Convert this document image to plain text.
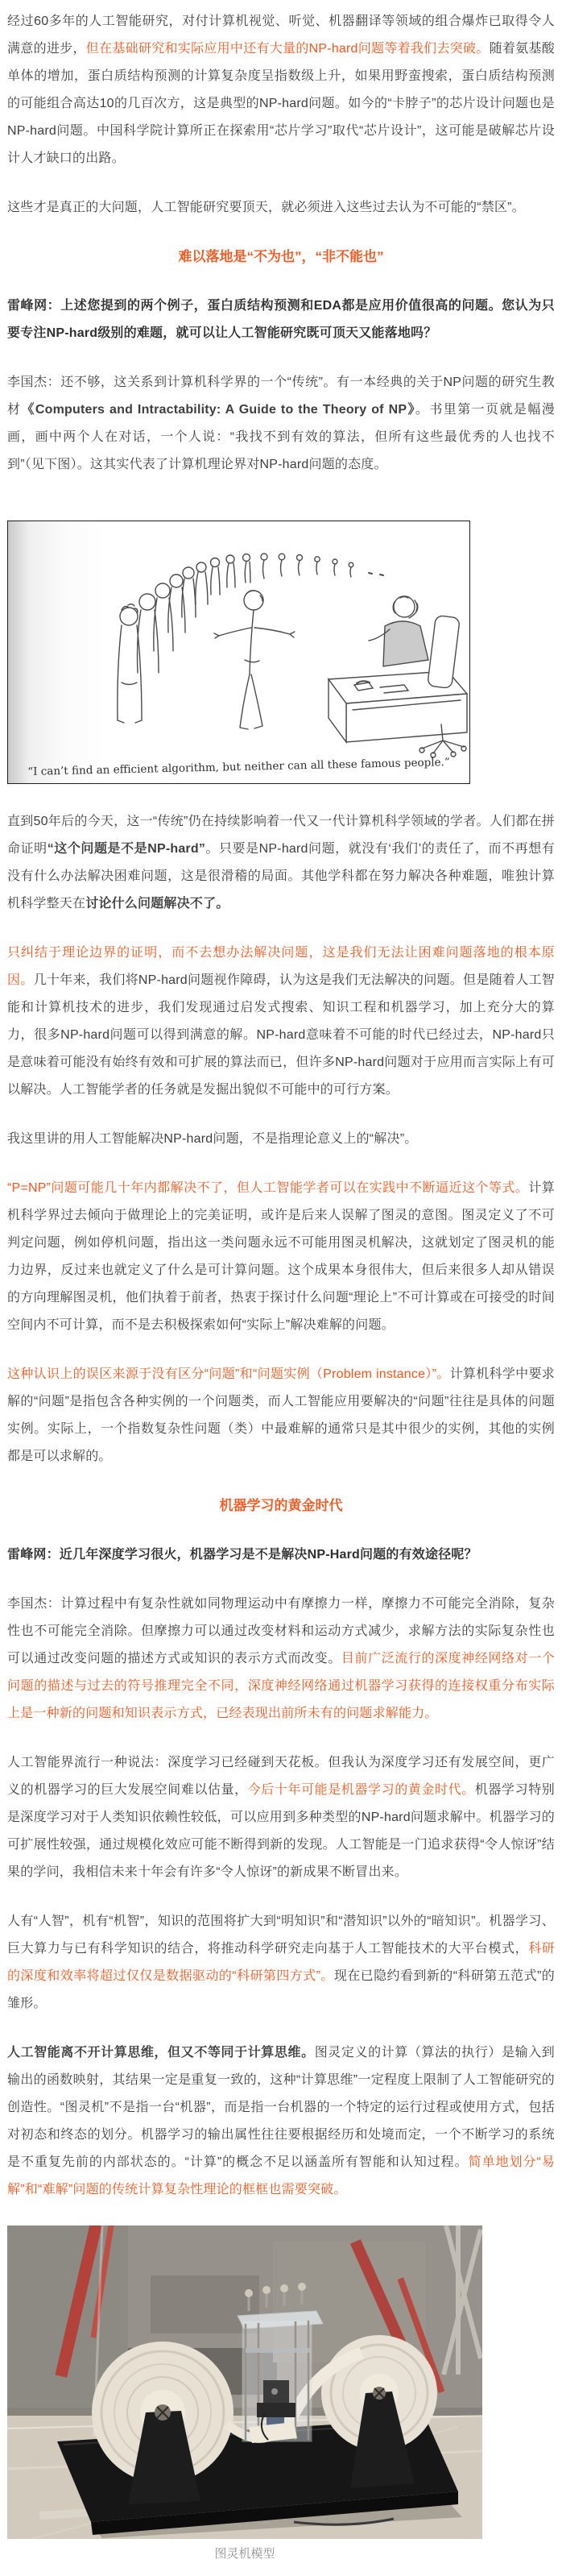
经过60多年的人工智能研究，对付计算机视觉、听觉、机器翻译等领域的组合爆炸已取得令人满意的进步，但在基础研究和实际应用中还有大量的NP-hard问题等着我们去突破。随着氨基酸单体的增加，蛋白质结构预测的计算复杂度呈指数级上升，如果用野蛮搜索，蛋白质结构预测的可能组合高达10的几百次方，这是典型的NP-hard问题。如今的“卡脖子”的芯片设计问题也是NP-hard问题。中国科学院计算所正在探索用“芯片学习”取代“芯片设计”，这可能是破解芯片设计人才缺口的出路。

这些才是真正的大问题，人工智能研究要顶天，就必须进入这些过去认为不可能的“禁区”。

难以落地是“不为也”，“非不能也”

雷峰网：上述您提到的两个例子，蛋白质结构预测和EDA都是应用价值很高的问题。您认为只要专注NP-hard级别的难题，就可以让人工智能研究既可顶天又能落地吗？

李国杰：还不够，这关系到计算机科学界的一个“传统”。有一本经典的关于NP问题的研究生教材《Computers and Intractability: A Guide to the Theory of NP》。书里第一页就是幅漫画，画中两个人在对话，一个人说：“我找不到有效的算法，但所有这些最优秀的人也找不到”（见下图）。这其实代表了计算机理论界对NP-hard问题的态度。

“I can’t find an efficient algorithm, but neither can all these famous people.”

直到50年后的今天，这一“传统”仍在持续影响着一代又一代计算机科学领域的学者。人们都在拼命证明“这个问题是不是NP-hard”。只要是NP-hard问题，就没有‘我们’的责任了，而不再想有没有什么办法解决困难问题，这是很滑稽的局面。其他学科都在努力解决各种难题，唯独计算机科学整天在讨论什么问题解决不了。

只纠结于理论边界的证明，而不去想办法解决问题，这是我们无法让困难问题落地的根本原因。几十年来，我们将NP-hard问题视作障碍，认为这是我们无法解决的问题。但是随着人工智能和计算机技术的进步，我们发现通过启发式搜索、知识工程和机器学习，加上充分大的算力，很多NP-hard问题可以得到满意的解。NP-hard意味着不可能的时代已经过去，NP-hard只是意味着可能没有始终有效和可扩展的算法而已，但许多NP-hard问题对于应用而言实际上有可以解决。人工智能学者的任务就是发掘出貌似不可能中的可行方案。

我这里讲的用人工智能解决NP-hard问题，不是指理论意义上的“解决”。

“P=NP”问题可能几十年内都解决不了，但人工智能学者可以在实践中不断逼近这个等式。计算机科学界过去倾向于做理论上的完美证明，或许是后来人误解了图灵的意图。图灵定义了不可判定问题，例如停机问题，指出这一类问题永远不可能用图灵机解决，这就划定了图灵机的能力边界，反过来也就定义了什么是可计算问题。这个成果本身很伟大，但后来很多人却从错误的方向理解图灵机，他们执着于前者，热衷于探讨什么问题“理论上”不可计算或在可接受的时间空间内不可计算，而不是去积极探索如何“实际上”解决难解的问题。

这种认识上的误区来源于没有区分“问题”和“问题实例（Problem instance）”。计算机科学中要求解的“问题”是指包含各种实例的一个问题类，而人工智能应用要解决的“问题”往往是具体的问题实例。实际上，一个指数复杂性问题（类）中最难解的通常只是其中很少的实例，其他的实例都是可以求解的。

机器学习的黄金时代

雷峰网：近几年深度学习很火，机器学习是不是解决NP-Hard问题的有效途径呢？

李国杰：计算过程中有复杂性就如同物理运动中有摩擦力一样，摩擦力不可能完全消除，复杂性也不可能完全消除。但摩擦力可以通过改变材料和运动方式减少，求解方法的实际复杂性也可以通过改变问题的描述方式或知识的表示方式而改变。目前广泛流行的深度神经网络对一个问题的描述与过去的符号推理完全不同，深度神经网络通过机器学习获得的连接权重分布实际上是一种新的问题和知识表示方式，已经表现出前所未有的问题求解能力。

人工智能界流行一种说法：深度学习已经碰到天花板。但我认为深度学习还有发展空间，更广义的机器学习的巨大发展空间难以估量，今后十年可能是机器学习的黄金时代。机器学习特别是深度学习对于人类知识依赖性较低，可以应用到多种类型的NP-hard问题求解中。机器学习的可扩展性较强，通过规模化效应可能不断得到新的发现。人工智能是一门追求获得“令人惊讶”结果的学问，我相信未来十年会有许多“令人惊讶”的新成果不断冒出来。

人有“人智”，机有“机智”，知识的范围将扩大到“明知识”和“潜知识”以外的“暗知识”。机器学习、巨大算力与已有科学知识的结合，将推动科学研究走向基于人工智能技术的大平台模式，科研的深度和效率将超过仅仅是数据驱动的“科研第四方式”。现在已隐约看到新的“科研第五范式”的雏形。

人工智能离不开计算思维，但又不等同于计算思维。图灵定义的计算（算法的执行）是输入到输出的函数映射，其结果一定是重复一致的，这种“计算思维”一定程度上限制了人工智能研究的创造性。“图灵机”不是指一台“机器”，而是指一台机器的一个特定的运行过程或使用方式，包括对初态和终态的划分。机器学习的输出属性往往要根据经历和处境而定，一个不断学习的系统是不重复先前的内部状态的。“计算”的概念不足以涵盖所有智能和认知过程。简单地划分“易解”和“难解”问题的传统计算复杂性理论的框框也需要突破。

图灵机模型
